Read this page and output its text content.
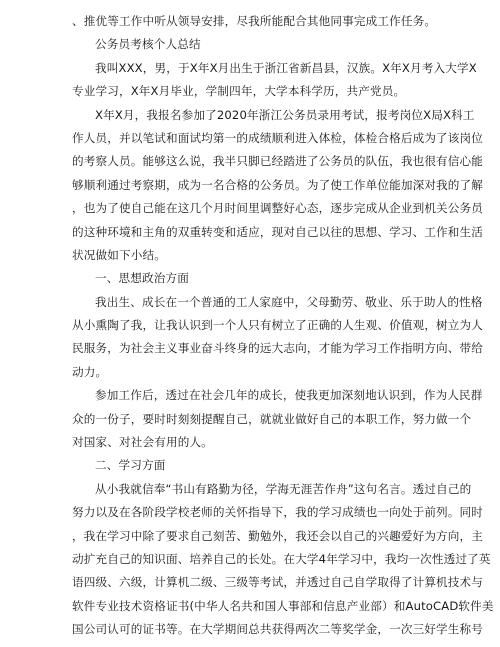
、推优等工作中听从领导安排，尽我所能配合其他同事完成工作任务。
公务员考核个人总结
我叫XXX，男，于X年X月出生于浙江省新昌县，汉族。X年X月考入大学X
专业学习，X年X月毕业，学制四年，大学本科学历，共产党员。
X年X月，我报名参加了2020年浙江公务员录用考试，报考岗位X局X科工
作人员，并以笔试和面试均第一的成绩顺利进入体检，体检合格后成为了该岗位
的考察人员。能够这么说，我半只脚已经踏进了公务员的队伍，我也很有信心能
够顺利通过考察期，成为一名合格的公务员。为了使工作单位能加深对我的了解
，也为了使自己能在这几个月时间里调整好心态，逐步完成从企业到机关公务员
的这种环境和主角的双重转变和适应，现对自己以往的思想、学习、工作和生活
状况做如下小结。
一、思想政治方面
我出生、成长在一个普通的工人家庭中，父母勤劳、敬业、乐于助人的性格
从小熏陶了我，让我认识到一个人只有树立了正确的人生观、价值观，树立为人
民服务，为社会主义事业奋斗终身的远大志向，才能为学习工作指明方向、带给
动力。
参加工作后，透过在社会几年的成长，使我更加深刻地认识到，作为人民群
众的一份子，要时时刻刻提醒自己，就就业做好自己的本职工作，努力做一个
对国家、对社会有用的人。
二、学习方面
从小我就信奉“书山有路勤为径，学海无涯苦作舟”这句名言。透过自己的
努力以及在各阶段学校老师的关怀指导下，我的学习成绩也一向处于前列。同时
，我在学习中除了要求自己刻苦、勤勉外，我还会以自己的兴趣爱好为方向，主
动扩充自己的知识面、培养自己的长处。在大学4年学习中，我均一次性透过了英
语四级、六级，计算机二级、三级等考试，并透过自己自学取得了计算机技术与
软件专业技术资格证书(中华人名共和国人事部和信息产业部）和AutoCAD软件美
国公司认可的证书等。在大学期间总共获得两次二等奖学金，一次三好学生称号
